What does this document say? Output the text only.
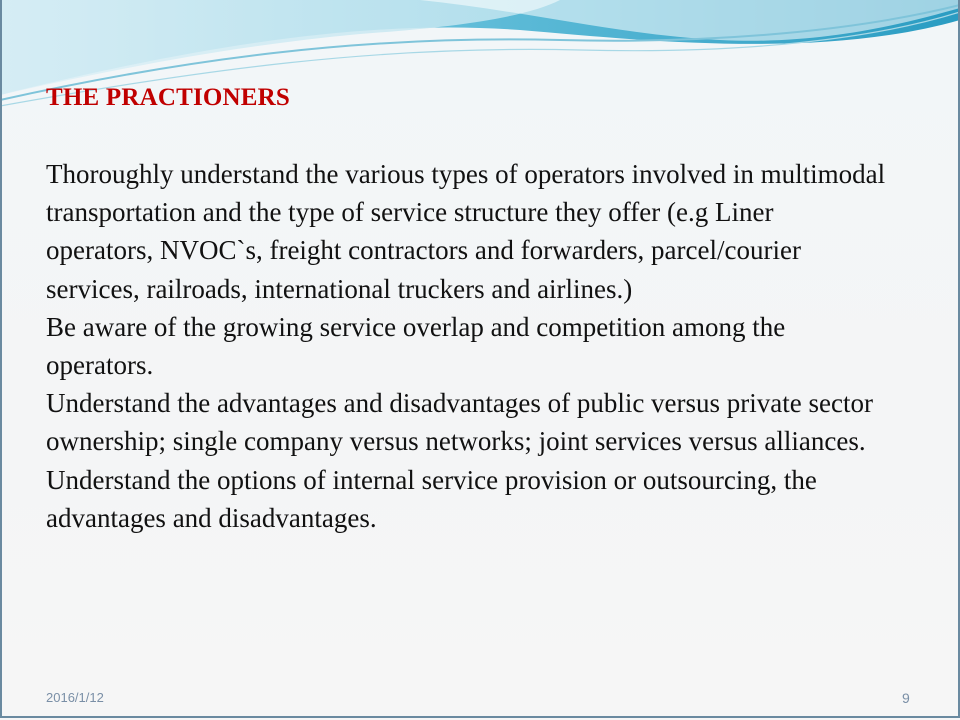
THE PRACTIONERS

Thoroughly understand the various types of operators involved in multimodal transportation and the type of service structure they offer (e.g Liner operators, NVOC`s, freight contractors and forwarders, parcel/courier services, railroads, international truckers and airlines.)

Be aware of the growing service overlap and competition among the operators.

Understand the advantages and disadvantages of public versus private sector ownership; single company versus networks; joint services versus alliances.

Understand the options of internal service provision or outsourcing, the advantages and disadvantages.

2016/1/12	9
